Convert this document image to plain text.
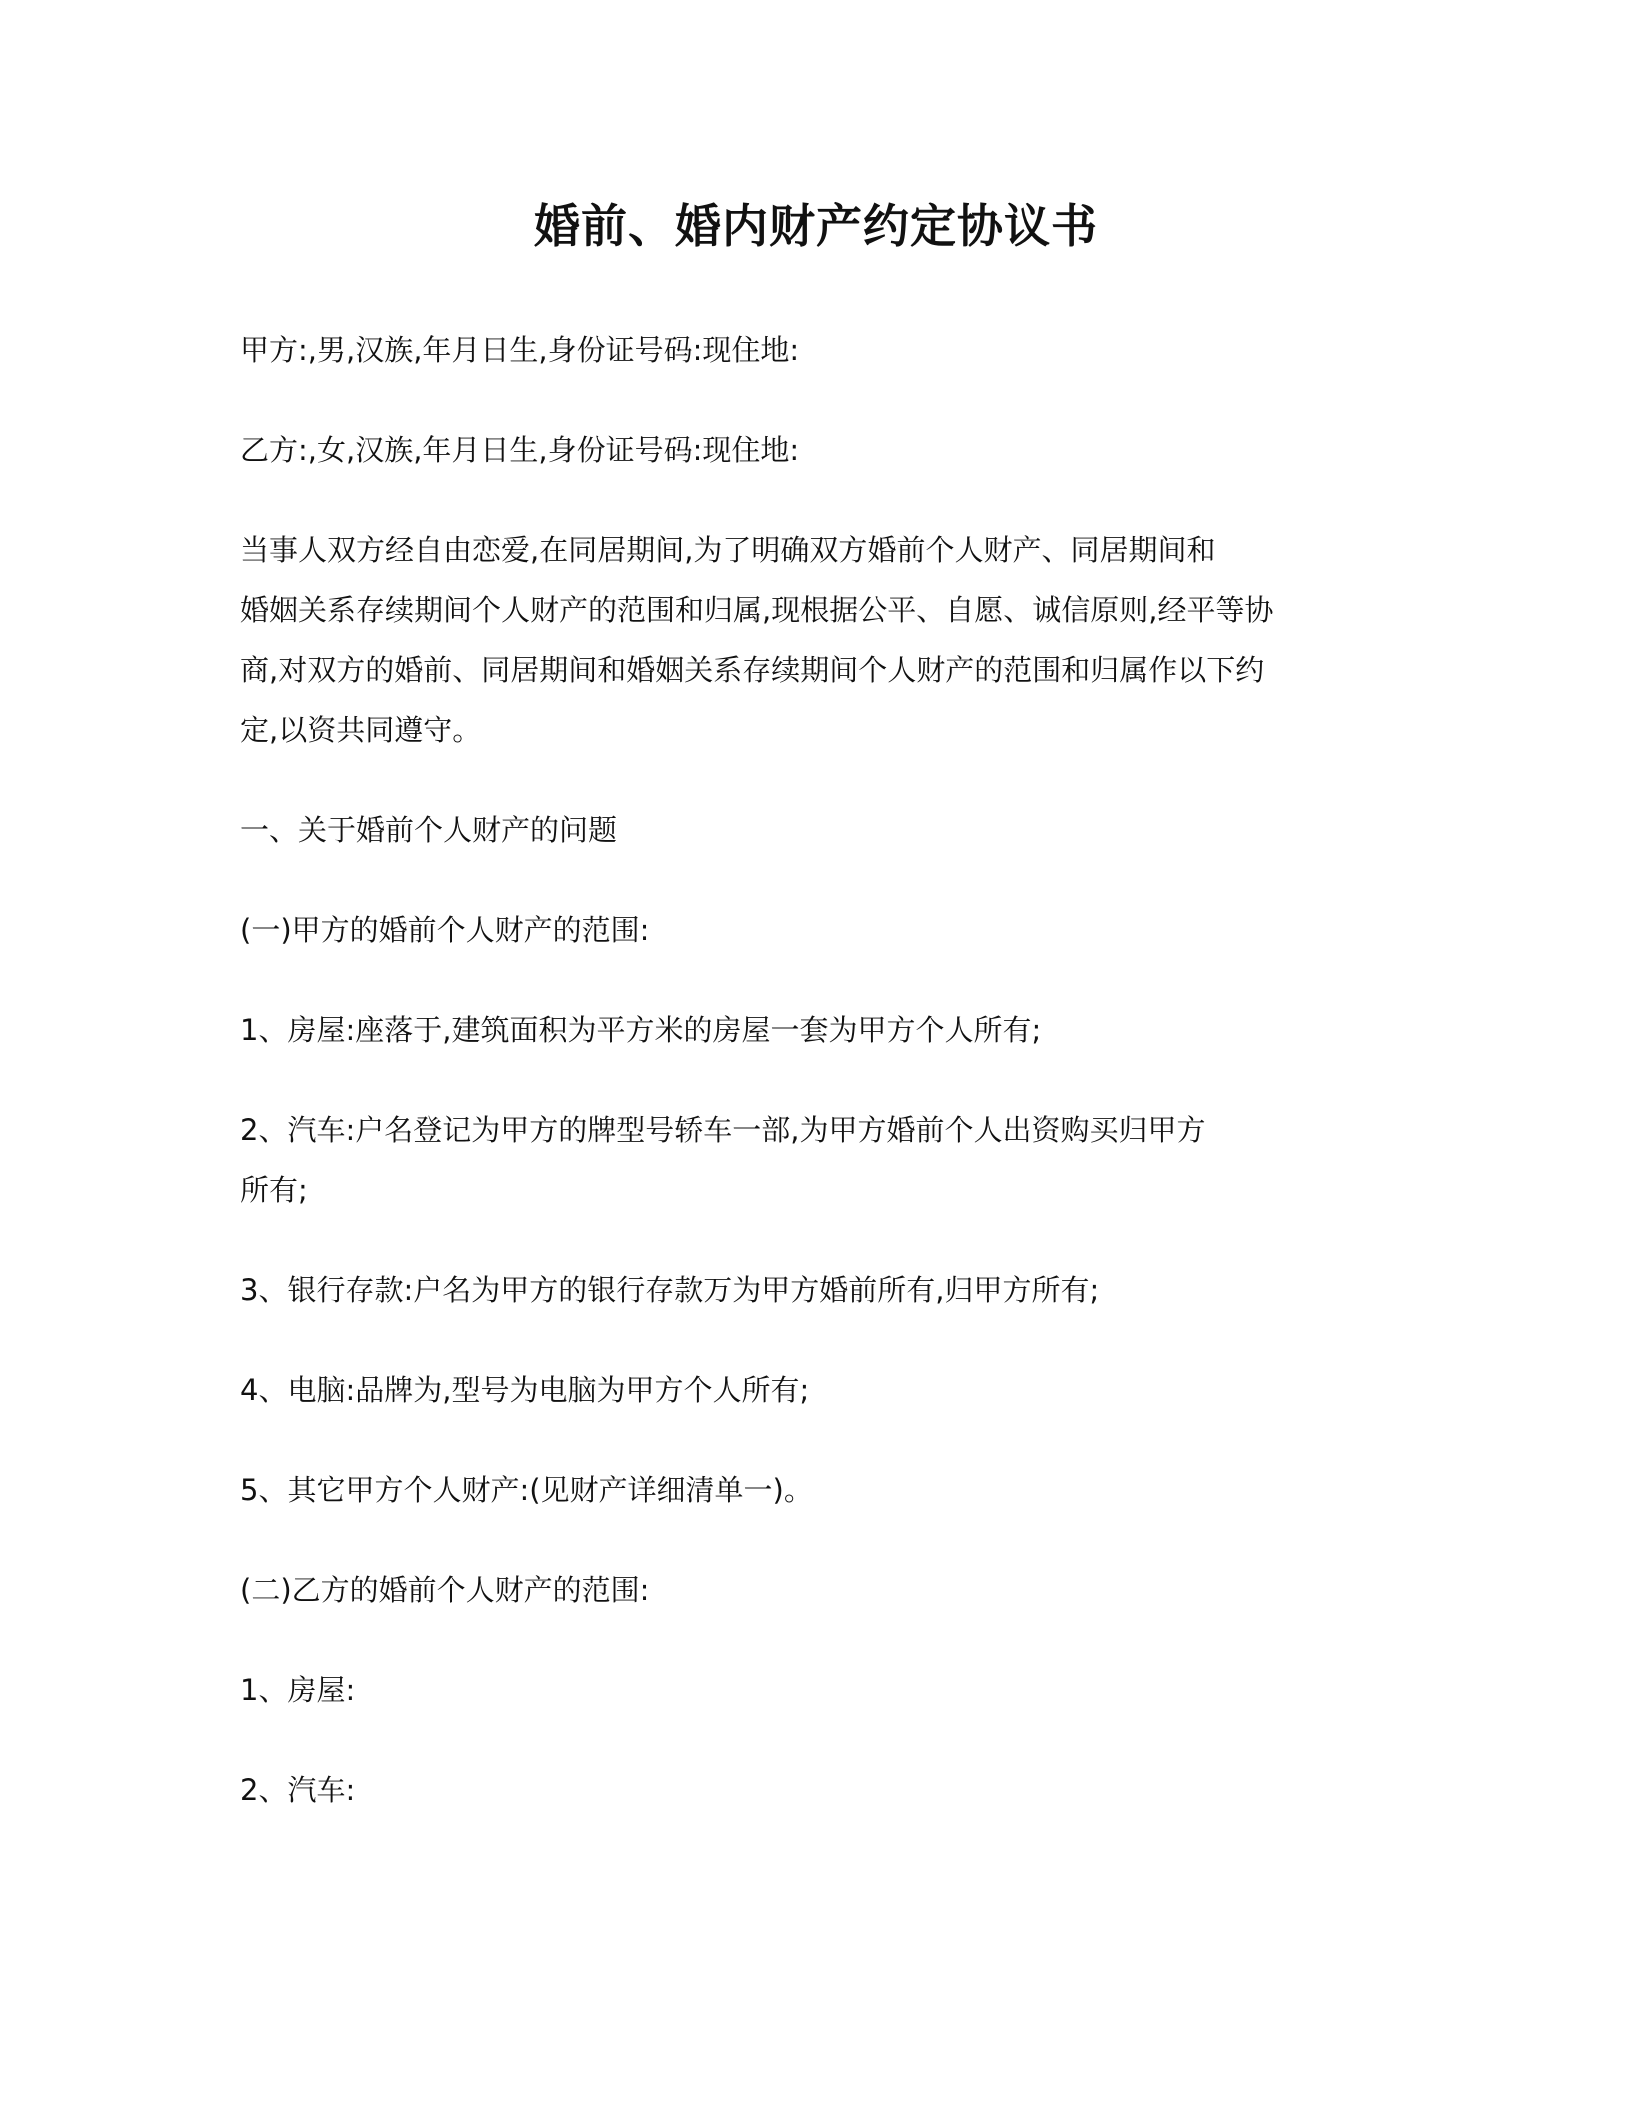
婚前、婚内财产约定协议书

甲方:,男,汉族,年月日生,身份证号码:现住地:

乙方:,女,汉族,年月日生,身份证号码:现住地:

当事人双方经自由恋爱,在同居期间,为了明确双方婚前个人财产、同居期间和

婚姻关系存续期间个人财产的范围和归属,现根据公平、自愿、诚信原则,经平等协

商,对双方的婚前、同居期间和婚姻关系存续期间个人财产的范围和归属作以下约

定,以资共同遵守。

一、关于婚前个人财产的问题

(一)甲方的婚前个人财产的范围:

1、房屋:座落于,建筑面积为平方米的房屋一套为甲方个人所有;

2、汽车:户名登记为甲方的牌型号轿车一部,为甲方婚前个人出资购买归甲方

所有;

3、银行存款:户名为甲方的银行存款万为甲方婚前所有,归甲方所有;

4、电脑:品牌为,型号为电脑为甲方个人所有;

5、其它甲方个人财产:(见财产详细清单一)。

(二)乙方的婚前个人财产的范围:

1、房屋:

2、汽车:
